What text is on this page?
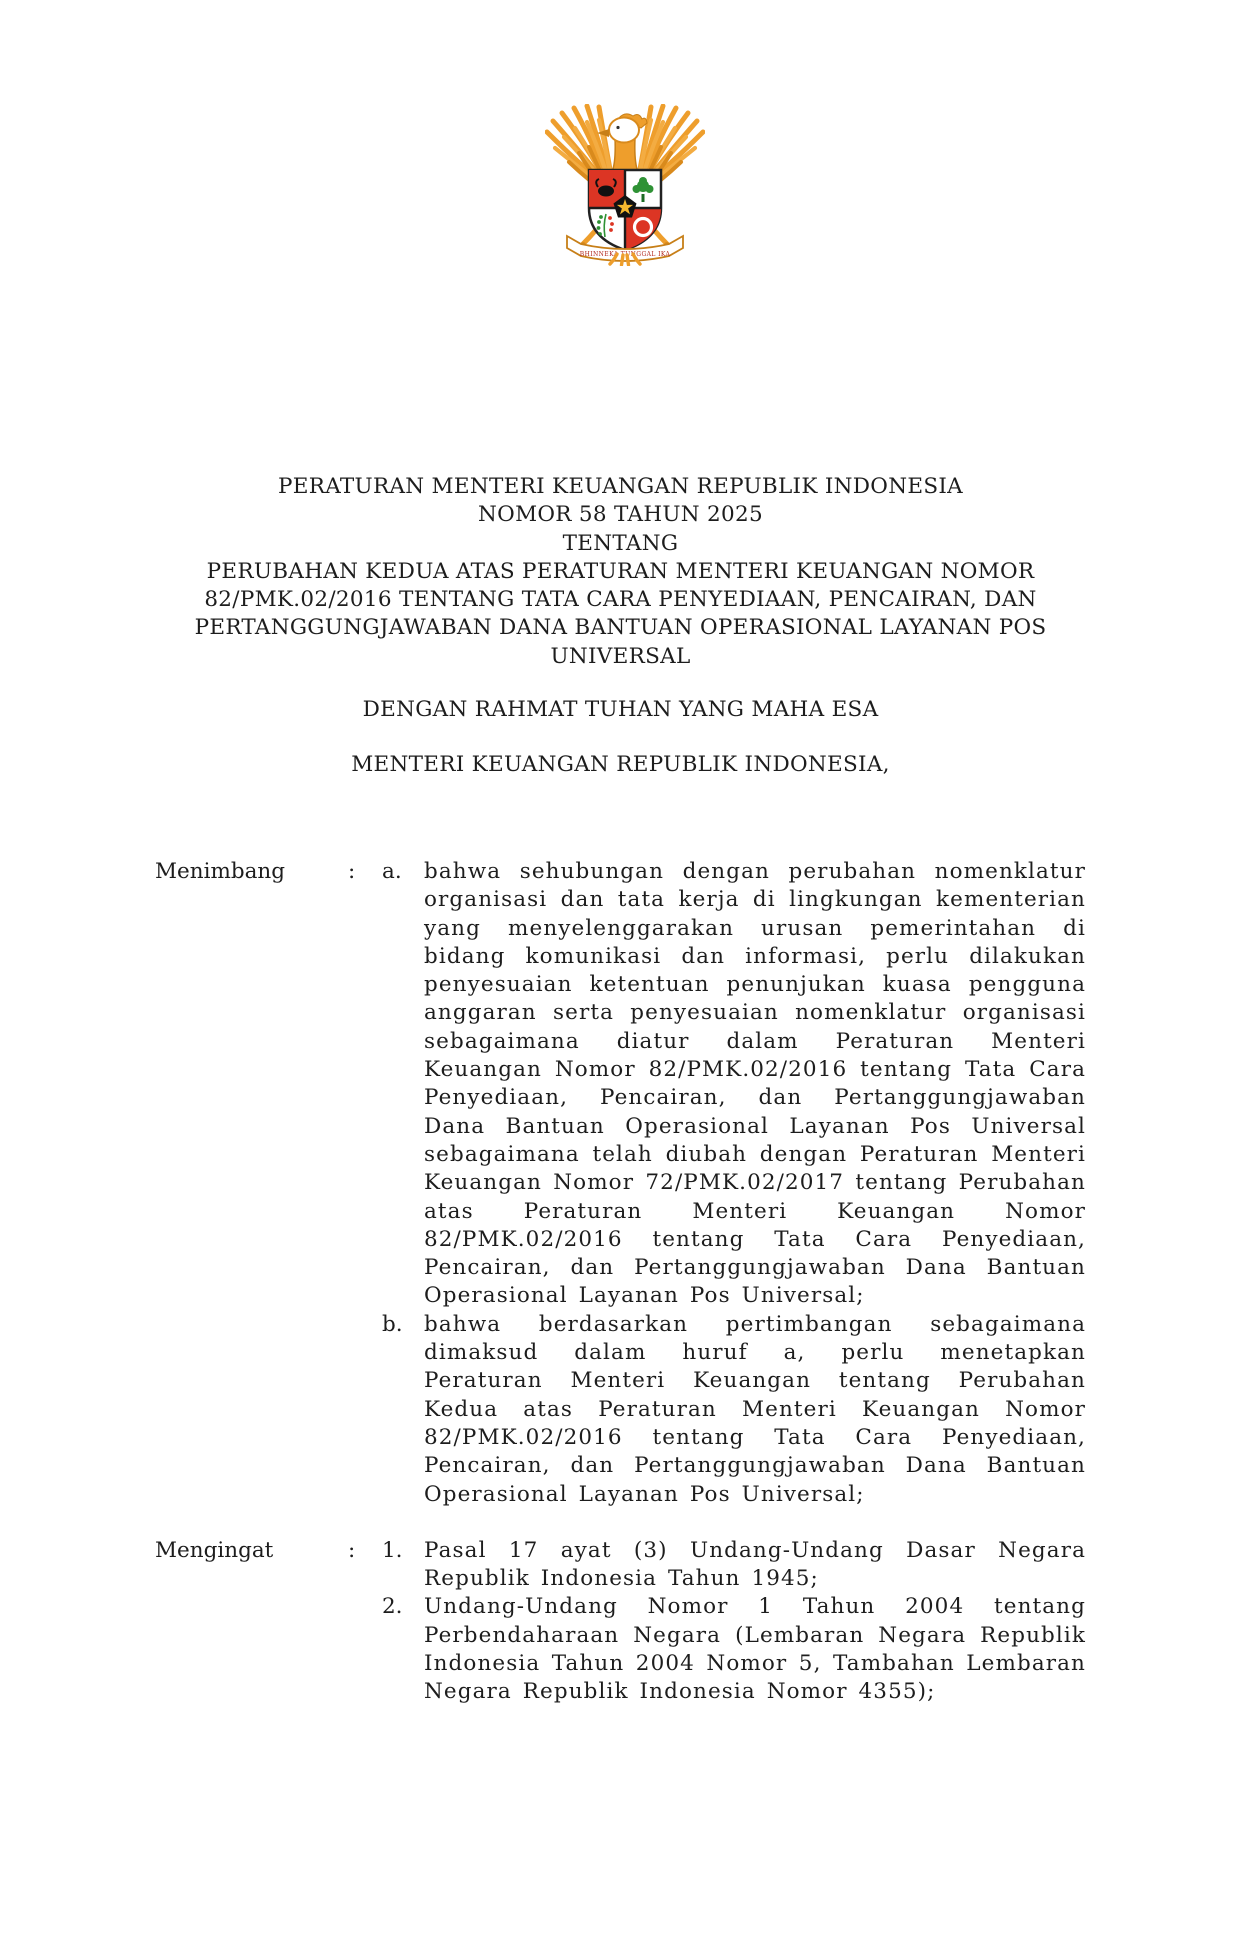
BHINNEKA TUNGGAL IKA
PERATURAN MENTERI KEUANGAN REPUBLIK INDONESIA
NOMOR 58 TAHUN 2025
TENTANG
PERUBAHAN KEDUA ATAS PERATURAN MENTERI KEUANGAN NOMOR 82/PMK.02/2016 TENTANG TATA CARA PENYEDIAAN, PENCAIRAN, DAN PERTANGGUNGJAWABAN DANA BANTUAN OPERASIONAL LAYANAN POS UNIVERSAL
DENGAN RAHMAT TUHAN YANG MAHA ESA
MENTERI KEUANGAN REPUBLIK INDONESIA,
Menimbang	:	a.	bahwa sehubungan dengan perubahan nomenklatur organisasi dan tata kerja di lingkungan kementerian yang menyelenggarakan urusan pemerintahan di bidang komunikasi dan informasi, perlu dilakukan penyesuaian ketentuan penunjukan kuasa pengguna anggaran serta penyesuaian nomenklatur organisasi sebagaimana diatur dalam Peraturan Menteri Keuangan Nomor 82/PMK.02/2016 tentang Tata Cara Penyediaan, Pencairan, dan Pertanggungjawaban Dana Bantuan Operasional Layanan Pos Universal sebagaimana telah diubah dengan Peraturan Menteri Keuangan Nomor 72/PMK.02/2017 tentang Perubahan atas Peraturan Menteri Keuangan Nomor 82/PMK.02/2016 tentang Tata Cara Penyediaan, Pencairan, dan Pertanggungjawaban Dana Bantuan Operasional Layanan Pos Universal;
b. bahwa berdasarkan pertimbangan sebagaimana dimaksud dalam huruf a, perlu menetapkan Peraturan Menteri Keuangan tentang Perubahan Kedua atas Peraturan Menteri Keuangan Nomor 82/PMK.02/2016 tentang Tata Cara Penyediaan, Pencairan, dan Pertanggungjawaban Dana Bantuan Operasional Layanan Pos Universal;
Mengingat	:	1. Pasal 17 ayat (3) Undang-Undang Dasar Negara Republik Indonesia Tahun 1945;
2. Undang-Undang Nomor 1 Tahun 2004 tentang Perbendaharaan Negara (Lembaran Negara Republik Indonesia Tahun 2004 Nomor 5, Tambahan Lembaran Negara Republik Indonesia Nomor 4355);
